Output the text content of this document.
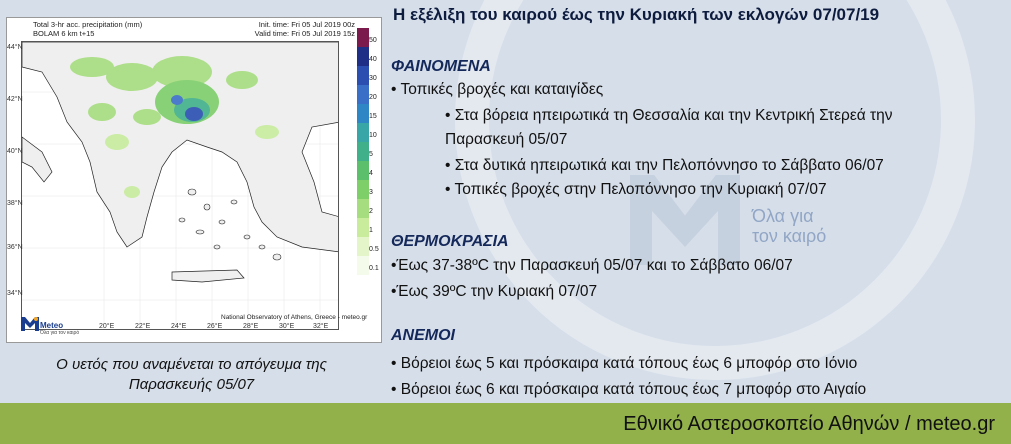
Όλα για
τον καιρό
Total 3-hr acc. precipitation (mm)
BOLAM 6 km t+15
Init. time: Fri 05 Jul 2019 00z
Valid time: Fri 05 Jul 2019 15z
44°N
42°N
40°N
38°N
36°N
34°N
20°E	22°E	24°E	26°E	28°E	30°E	32°E
Meteo
Όλα για τον καιρό
National Observatory of Athens, Greece - meteo.gr
50
40
30
20
15
10
5
4
3
2
1
0.5
0.1
Ο υετός που αναμένεται το απόγευμα της
Παρασκευής 05/07
Η εξέλιξη του καιρού έως την Κυριακή των εκλογών 07/07/19
ΦΑΙΝΟΜΕΝΑ
• Τοπικές βροχές και καταιγίδες
• Στα βόρεια ηπειρωτικά τη Θεσσαλία και την Κεντρική Στερεά την
Παρασκευή 05/07
• Στα δυτικά ηπειρωτικά και την Πελοπόννησο το Σάββατο 06/07
• Τοπικές βροχές στην Πελοπόννησο την Κυριακή 07/07
ΘΕΡΜΟΚΡΑΣΙΑ
•Έως 37-38ºC την Παρασκευή 05/07 και το Σάββατο 06/07
•Έως 39ºC την Κυριακή 07/07
ΑΝΕΜΟΙ
• Βόρειοι έως 5 και πρόσκαιρα κατά τόπους έως 6 μποφόρ στο Ιόνιο
• Βόρειοι έως 6 και πρόσκαιρα κατά τόπους έως 7 μποφόρ στο Αιγαίο
Εθνικό Αστεροσκοπείο Αθηνών / meteo.gr
